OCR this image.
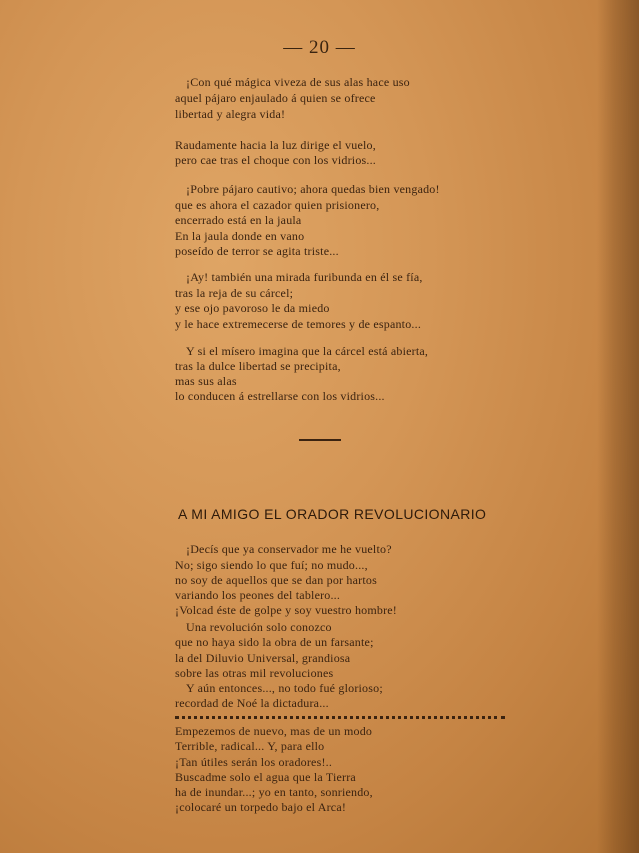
— 20 —
¡Con qué mágica viveza de sus alas hace uso
aquel pájaro enjaulado á quien se ofrece
libertad y alegra vida!
Raudamente hacia la luz dirige el vuelo,
pero cae tras el choque con los vidrios...
¡Pobre pájaro cautivo; ahora quedas bien vengado!
que es ahora el cazador quien prisionero,
encerrado está en la jaula
En la jaula donde en vano
poseído de terror se agita triste...
¡Ay! también una mirada furibunda en él se fía,
tras la reja de su cárcel;
y ese ojo pavoroso le da miedo
y le hace extremecerse de temores y de espanto...
Y si el mísero imagina que la cárcel está abierta,
tras la dulce libertad se precipita,
mas sus alas
lo conducen á estrellarse con los vidrios...
A MI AMIGO EL ORADOR REVOLUCIONARIO
¡Decís que ya conservador me he vuelto?
No; sigo siendo lo que fuí; no mudo...,
no soy de aquellos que se dan por hartos
variando los peones del tablero...
¡Volcad éste de golpe y soy vuestro hombre!
Una revolución solo conozco
que no haya sido la obra de un farsante;
la del Diluvio Universal, grandiosa
sobre las otras mil revoluciones
Y aún entonces..., no todo fué glorioso;
recordad de Noé la dictadura...
Empezemos de nuevo, mas de un modo
Terrible, radical... Y, para ello
¡Tan útiles serán los oradores!..
Buscadme solo el agua que la Tierra
ha de inundar...; yo en tanto, sonriendo,
¡colocaré un torpedo bajo el Arca!
